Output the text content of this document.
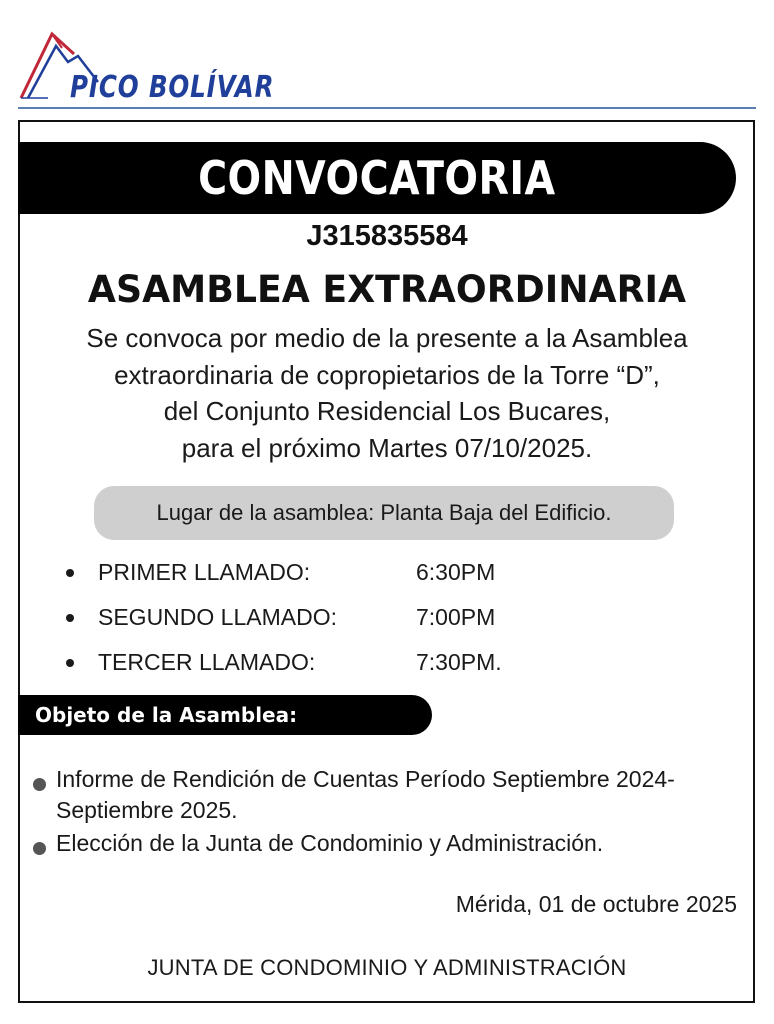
PICO BOLÍVAR
CONVOCATORIA
J315835584
ASAMBLEA EXTRAORDINARIA
Se convoca por medio de la presente a la Asamblea
extraordinaria de copropietarios de la Torre “D”,
del Conjunto Residencial Los Bucares,
para el próximo Martes 07/10/2025.
Lugar de la asamblea: Planta Baja del Edificio.
PRIMER LLAMADO:	6:30PM
SEGUNDO LLAMADO:	7:00PM
TERCER LLAMADO:	7:30PM.
Objeto de la Asamblea:
Informe de Rendición de Cuentas Período Septiembre 2024- Septiembre 2025.
Elección de la Junta de Condominio y Administración.
Mérida, 01 de octubre 2025
JUNTA DE CONDOMINIO Y ADMINISTRACIÓN
